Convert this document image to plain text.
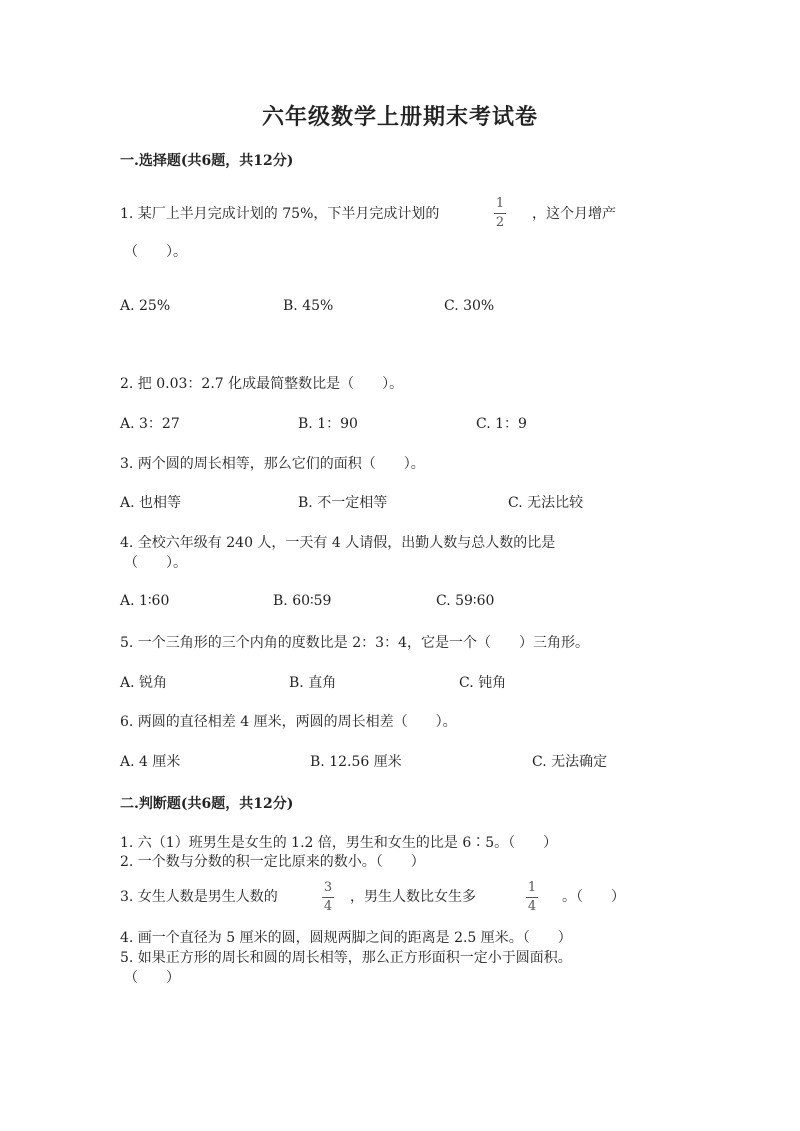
六年级数学上册期末考试卷
一.选择题(共6题，共12分)
1. 某厂上半月完成计划的 75%，下半月完成计划的
1
2
，这个月增产
（　　）。
A. 25%	B. 45%	C. 30%
2. 把 0.03：2.7 化成最简整数比是（　　）。
A. 3：27	B. 1：90	C. 1：9
3. 两个圆的周长相等，那么它们的面积（　　）。
A. 也相等	B. 不一定相等	C. 无法比较
4. 全校六年级有 240 人，一天有 4 人请假，出勤人数与总人数的比是
（　　）。
A. 1∶60	B. 60∶59	C. 59∶60
5. 一个三角形的三个内角的度数比是 2：3：4，它是一个（　　）三角形。
A. 锐角	B. 直角	C. 钝角
6. 两圆的直径相差 4 厘米，两圆的周长相差（　　）。
A. 4 厘米	B. 12.56 厘米	C. 无法确定
二.判断题(共6题，共12分)
1. 六（1）班男生是女生的 1.2 倍，男生和女生的比是 6∶5。（　　）
2. 一个数与分数的积一定比原来的数小。（　　）
3. 女生人数是男生人数的
3
4
，男生人数比女生多
1
4
。（　　）
4. 画一个直径为 5 厘米的圆，圆规两脚之间的距离是 2.5 厘米。（　　）
5. 如果正方形的周长和圆的周长相等，那么正方形面积一定小于圆面积。
（　　）
